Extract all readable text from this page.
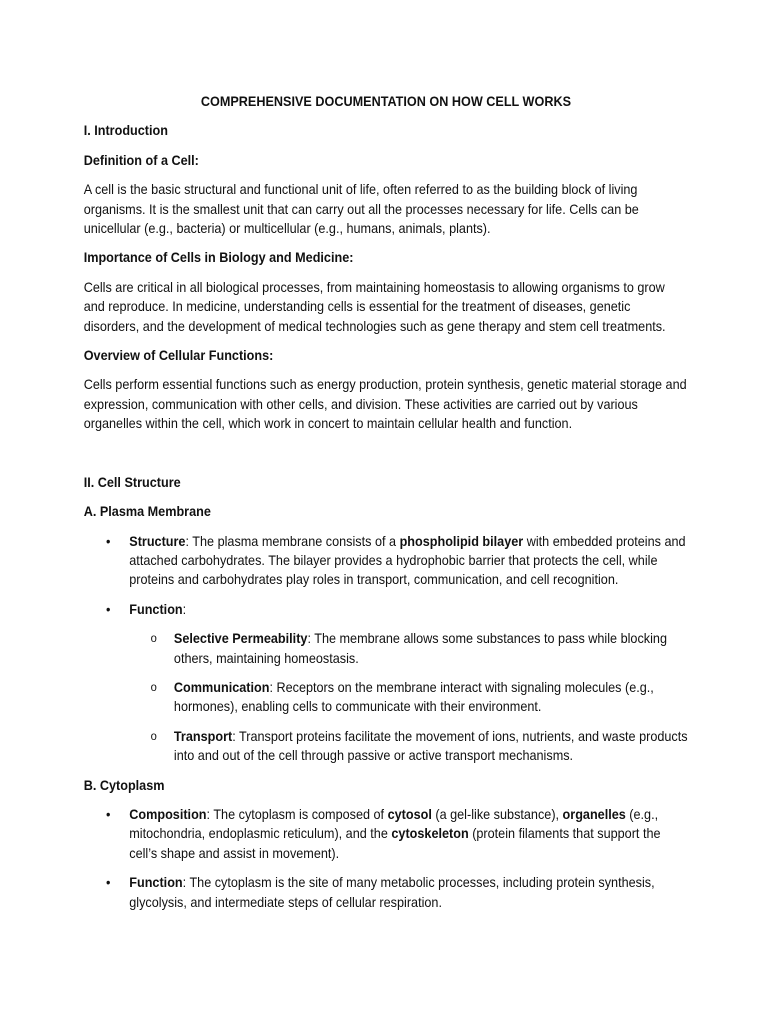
COMPREHENSIVE DOCUMENTATION ON HOW CELL WORKS
I. Introduction
Definition of a Cell:

A cell is the basic structural and functional unit of life, often referred to as the building block of living organisms. It is the smallest unit that can carry out all the processes necessary for life. Cells can be unicellular (e.g., bacteria) or multicellular (e.g., humans, animals, plants).

Importance of Cells in Biology and Medicine:

Cells are critical in all biological processes, from maintaining homeostasis to allowing organisms to grow and reproduce. In medicine, understanding cells is essential for the treatment of diseases, genetic disorders, and the development of medical technologies such as gene therapy and stem cell treatments.

Overview of Cellular Functions:

Cells perform essential functions such as energy production, protein synthesis, genetic material storage and expression, communication with other cells, and division. These activities are carried out by various organelles within the cell, which work in concert to maintain cellular health and function.

II. Cell Structure
A. Plasma Membrane
• Structure: The plasma membrane consists of a phospholipid bilayer with embedded proteins and attached carbohydrates. The bilayer provides a hydrophobic barrier that protects the cell, while proteins and carbohydrates play roles in transport, communication, and cell recognition.
• Function:
o Selective Permeability: The membrane allows some substances to pass while blocking others, maintaining homeostasis.
o Communication: Receptors on the membrane interact with signaling molecules (e.g., hormones), enabling cells to communicate with their environment.
o Transport: Transport proteins facilitate the movement of ions, nutrients, and waste products into and out of the cell through passive or active transport mechanisms.
B. Cytoplasm
• Composition: The cytoplasm is composed of cytosol (a gel-like substance), organelles (e.g., mitochondria, endoplasmic reticulum), and the cytoskeleton (protein filaments that support the cell’s shape and assist in movement).
• Function: The cytoplasm is the site of many metabolic processes, including protein synthesis, glycolysis, and intermediate steps of cellular respiration.
